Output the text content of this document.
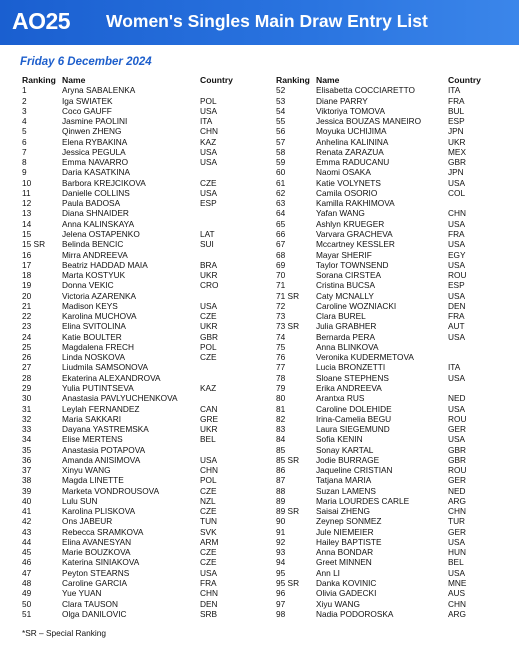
AO25 Women's Singles Main Draw Entry List
Friday 6 December 2024
Ranking Name	Country
1	Aryna SABALENKA
2	Iga SWIATEK	POL
3	Coco GAUFF	USA
4	Jasmine PAOLINI	ITA
5	Qinwen ZHENG	CHN
6	Elena RYBAKINA	KAZ
7	Jessica PEGULA	USA
8	Emma NAVARRO	USA
9	Daria KASATKINA
10	Barbora KREJCIKOVA	CZE
11	Danielle COLLINS	USA
12	Paula BADOSA	ESP
13	Diana SHNAIDER
14	Anna KALINSKAYA
15	Jelena OSTAPENKO	LAT
15 SR Belinda BENCIC	SUI
16	Mirra ANDREEVA
17	Beatriz HADDAD MAIA	BRA
18	Marta KOSTYUK	UKR
19	Donna VEKIC	CRO
20	Victoria AZARENKA
21	Madison KEYS	USA
22	Karolina MUCHOVA	CZE
23	Elina SVITOLINA	UKR
24	Katie BOULTER	GBR
25	Magdalena FRECH	POL
26	Linda NOSKOVA	CZE
27	Liudmila SAMSONOVA
28	Ekaterina ALEXANDROVA
29	Yulia PUTINTSEVA	KAZ
30	Anastasia PAVLYUCHENKOVA
31	Leylah FERNANDEZ	CAN
32	Maria SAKKARI	GRE
33	Dayana YASTREMSKA	UKR
34	Elise MERTENS	BEL
35	Anastasia POTAPOVA
36	Amanda ANISIMOVA	USA
37	Xinyu WANG	CHN
38	Magda LINETTE	POL
39	Marketa VONDROUSOVA	CZE
40	Lulu SUN	NZL
41	Karolina PLISKOVA	CZE
42	Ons JABEUR	TUN
43	Rebecca SRAMKOVA	SVK
44	Elina AVANESYAN	ARM
45	Marie BOUZKOVA	CZE
46	Katerina SINIAKOVA	CZE
47	Peyton STEARNS	USA
48	Caroline GARCIA	FRA
49	Yue YUAN	CHN
50	Clara TAUSON	DEN
51	Olga DANILOVIC	SRB
Ranking Name	Country
52	Elisabetta COCCIARETTO	ITA
53	Diane PARRY	FRA
54	Viktoriya TOMOVA	BUL
55	Jessica BOUZAS MANEIRO	ESP
56	Moyuka UCHIJIMA	JPN
57	Anhelina KALININA	UKR
58	Renata ZARAZUA	MEX
59	Emma RADUCANU	GBR
60	Naomi OSAKA	JPN
61	Katie VOLYNETS	USA
62	Camila OSORIO	COL
63	Kamilla RAKHIMOVA
64	Yafan WANG	CHN
65	Ashlyn KRUEGER	USA
66	Varvara GRACHEVA	FRA
67	Mccartney KESSLER	USA
68	Mayar SHERIF	EGY
69	Taylor TOWNSEND	USA
70	Sorana CIRSTEA	ROU
71	Cristina BUCSA	ESP
71 SR Caty MCNALLY	USA
72	Caroline WOZNIACKI	DEN
73	Clara BUREL	FRA
73 SR Julia GRABHER	AUT
74	Bernarda PERA	USA
75	Anna BLINKOVA
76	Veronika KUDERMETOVA
77	Lucia BRONZETTI	ITA
78	Sloane STEPHENS	USA
79	Erika ANDREEVA
80	Arantxa RUS	NED
81	Caroline DOLEHIDE	USA
82	Irina-Camelia BEGU	ROU
83	Laura SIEGEMUND	GER
84	Sofia KENIN	USA
85	Sonay KARTAL	GBR
85 SR Jodie BURRAGE	GBR
86	Jaqueline CRISTIAN	ROU
87	Tatjana MARIA	GER
88	Suzan LAMENS	NED
89	Maria LOURDES CARLE	ARG
89 SR Saisai ZHENG	CHN
90	Zeynep SONMEZ	TUR
91	Jule NIEMEIER	GER
92	Hailey BAPTISTE	USA
93	Anna BONDAR	HUN
94	Greet MINNEN	BEL
95	Ann LI	USA
95 SR Danka KOVINIC	MNE
96	Olivia GADECKI	AUS
97	Xiyu WANG	CHN
98	Nadia PODOROSKA	ARG
*SR – Special Ranking
